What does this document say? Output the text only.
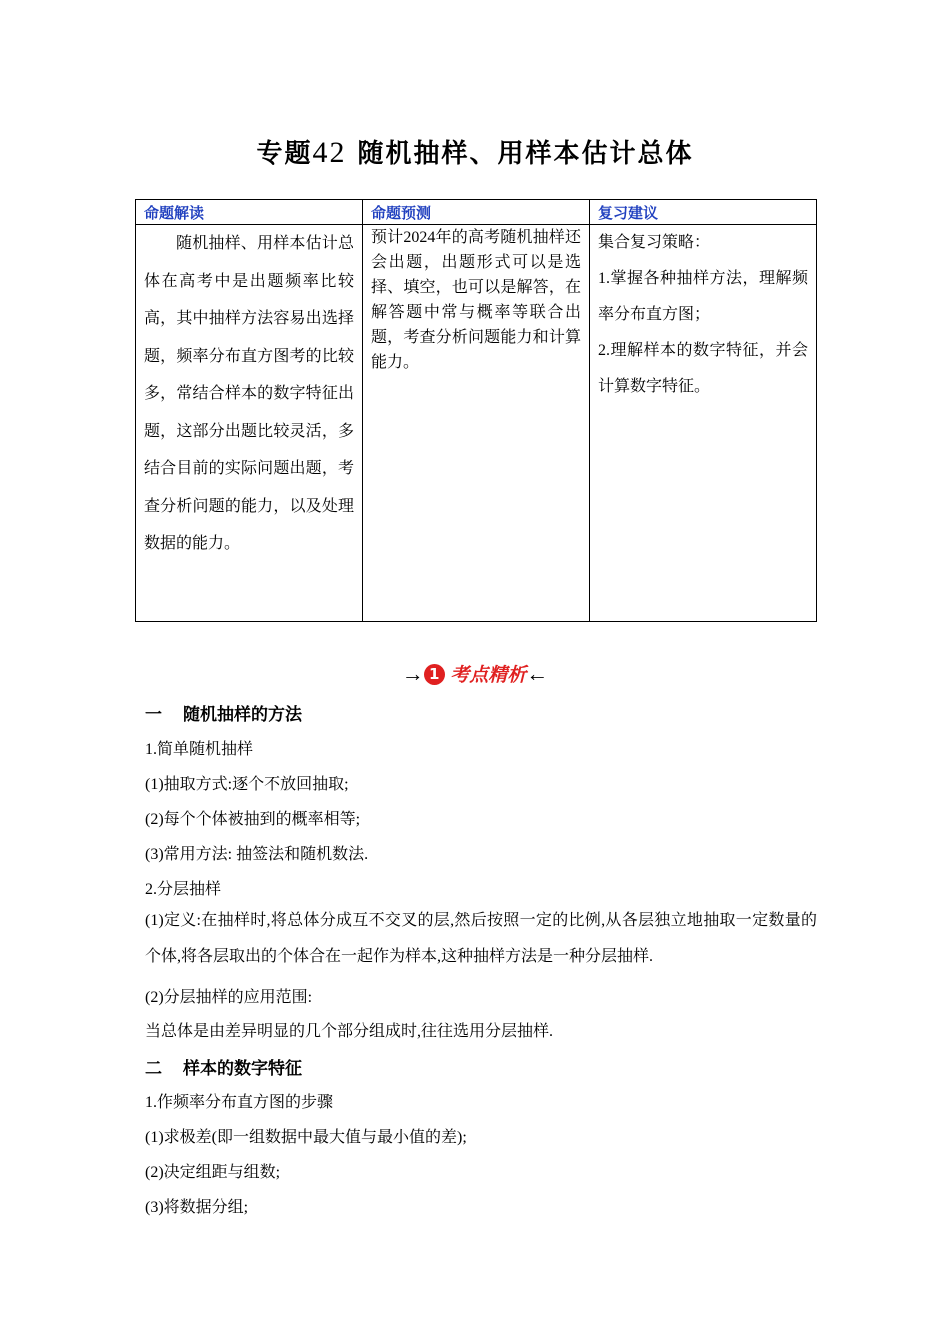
专题42 随机抽样、用样本估计总体
命题解读	命题预测	复习建议

随机抽样、用样本估计总体在高考中是出题频率比较高，其中抽样方法容易出选择题，频率分布直方图考的比较多，常结合样本的数字特征出题，这部分出题比较灵活，多结合目前的实际问题出题，考查分析问题的能力，以及处理数据的能力。	预计2024年的高考随机抽样还会出题，出题形式可以是选择、填空，也可以是解答，在解答题中常与概率等联合出题，考查分析问题能力和计算能力。	集合复习策略：
1.掌握各种抽样方法，理解频率分布直方图；
2.理解样本的数字特征，并会计算数字特征。
→ 1 考点精析←
一 随机抽样的方法
1.简单随机抽样
(1)抽取方式:逐个不放回抽取;
(2)每个个体被抽到的概率相等;
(3)常用方法: 抽签法和随机数法.
2.分层抽样
(1)定义:在抽样时,将总体分成互不交叉的层,然后按照一定的比例,从各层独立地抽取一定数量的个体,将各层取出的个体合在一起作为样本,这种抽样方法是一种分层抽样.
(2)分层抽样的应用范围:
当总体是由差异明显的几个部分组成时,往往选用分层抽样.
二 样本的数字特征
1.作频率分布直方图的步骤
(1)求极差(即一组数据中最大值与最小值的差);
(2)决定组距与组数;
(3)将数据分组;
